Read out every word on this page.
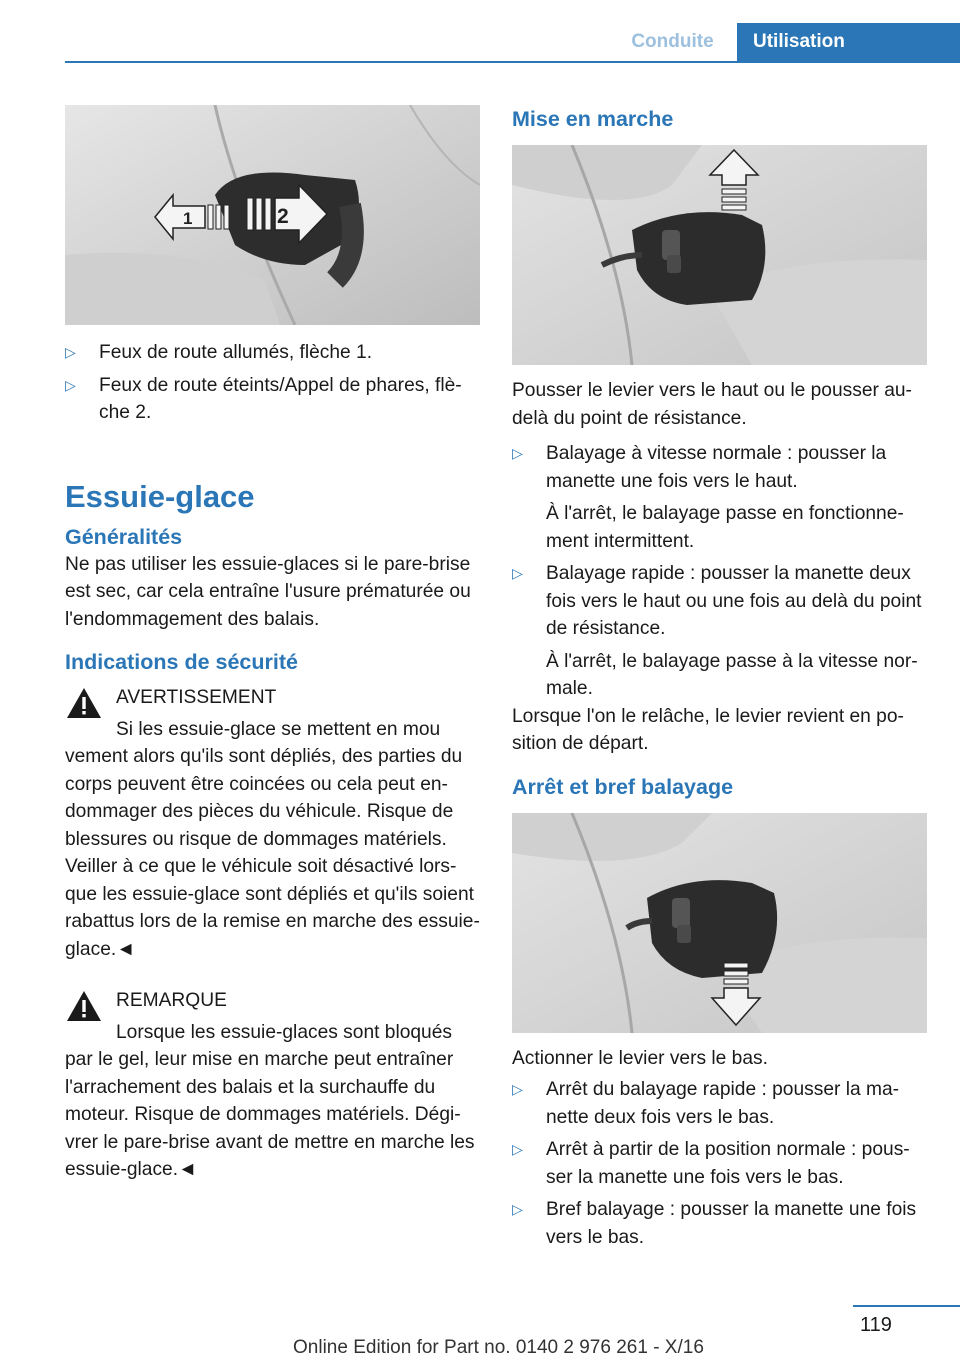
Conduite	Utilisation
1	2

▷ Feux de route allumés, flèche 1.

▷ Feux de route éteints/Appel de phares, flèche 2.

Essuie-glace
Généralités

Ne pas utiliser les essuie-glaces si le pare-brise est sec, car cela entraîne l'usure prématurée ou l'endommagement des balais.

Indications de sécurité

AVERTISSEMENT

Si les essuie-glace se mettent en mou

vement alors qu'ils sont dépliés, des parties du corps peuvent être coincées ou cela peut endommager des pièces du véhicule. Risque de blessures ou risque de dommages matériels. Veiller à ce que le véhicule soit désactivé lorsque les essuie-glace sont dépliés et qu'ils soient rabattus lors de la remise en marche des essuie-glace.◄

REMARQUE

Lorsque les essuie-glaces sont bloqués

par le gel, leur mise en marche peut entraîner l'arrachement des balais et la surchauffe du moteur. Risque de dommages matériels. Dégivrer le pare-brise avant de mettre en marche les essuie-glace.◄

Mise en marche

Pousser le levier vers le haut ou le pousser au-delà du point de résistance.

▷ Balayage à vitesse normale : pousser la manette une fois vers le haut.

À l'arrêt, le balayage passe en fonctionnement intermittent.

▷ Balayage rapide : pousser la manette deux fois vers le haut ou une fois au delà du point de résistance.

À l'arrêt, le balayage passe à la vitesse normale.

Lorsque l'on le relâche, le levier revient en position de départ.

Arrêt et bref balayage

Actionner le levier vers le bas.

▷ Arrêt du balayage rapide : pousser la manette deux fois vers le bas.

▷ Arrêt à partir de la position normale : pousser la manette une fois vers le bas.

▷ Bref balayage : pousser la manette une fois vers le bas.

119
Online Edition for Part no. 0140 2 976 261 - X/16
